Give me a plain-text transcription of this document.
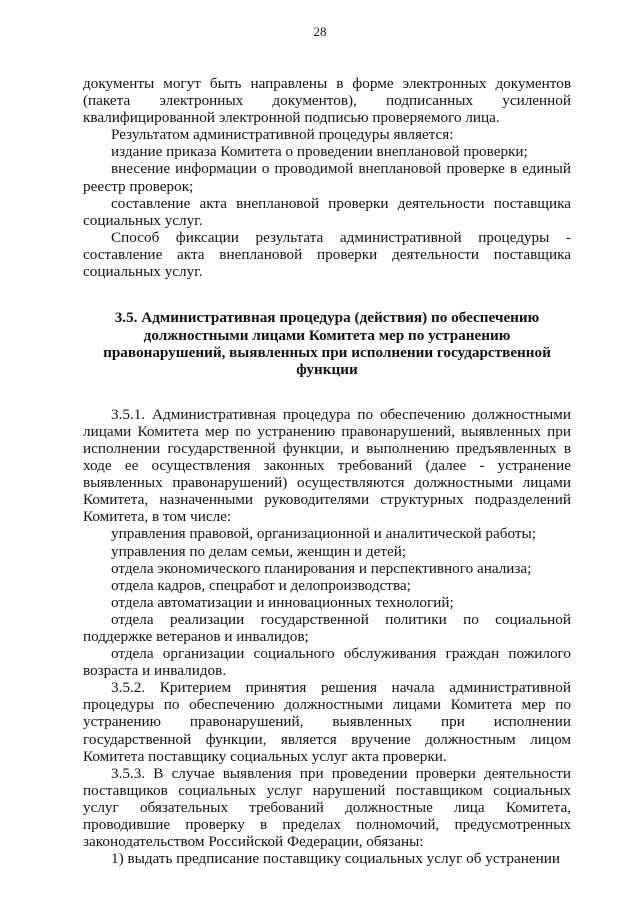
28

документы могут быть направлены в форме электронных документов (пакета электронных документов), подписанных усиленной квалифицированной электронной подписью проверяемого лица.

Результатом административной процедуры является:

издание приказа Комитета о проведении внеплановой проверки;

внесение информации о проводимой внеплановой проверке в единый реестр проверок;

составление акта внеплановой проверки деятельности поставщика социальных услуг.

Способ фиксации результата административной процедуры - составление акта внеплановой проверки деятельности поставщика социальных услуг.

3.5. Административная процедура (действия) по обеспечению должностными лицами Комитета мер по устранению правонарушений, выявленных при исполнении государственной функции

3.5.1. Административная процедура по обеспечению должностными лицами Комитета мер по устранению правонарушений, выявленных при исполнении государственной функции, и выполнению предъявленных в ходе ее осуществления законных требований (далее - устранение выявленных правонарушений) осуществляются должностными лицами Комитета, назначенными руководителями структурных подразделений Комитета, в том числе:

управления правовой, организационной и аналитической работы;

управления по делам семьи, женщин и детей;

отдела экономического планирования и перспективного анализа;

отдела кадров, спецработ и делопроизводства;

отдела автоматизации и инновационных технологий;

отдела реализации государственной политики по социальной поддержке ветеранов и инвалидов;

отдела организации социального обслуживания граждан пожилого возраста и инвалидов.

3.5.2. Критерием принятия решения начала административной процедуры по обеспечению должностными лицами Комитета мер по устранению правонарушений, выявленных при исполнении государственной функции, является вручение должностным лицом Комитета поставщику социальных услуг акта проверки.

3.5.3. В случае выявления при проведении проверки деятельности поставщиков социальных услуг нарушений поставщиком социальных услуг обязательных требований должностные лица Комитета, проводившие проверку в пределах полномочий, предусмотренных законодательством Российской Федерации, обязаны:

1) выдать предписание поставщику социальных услуг об устранении
